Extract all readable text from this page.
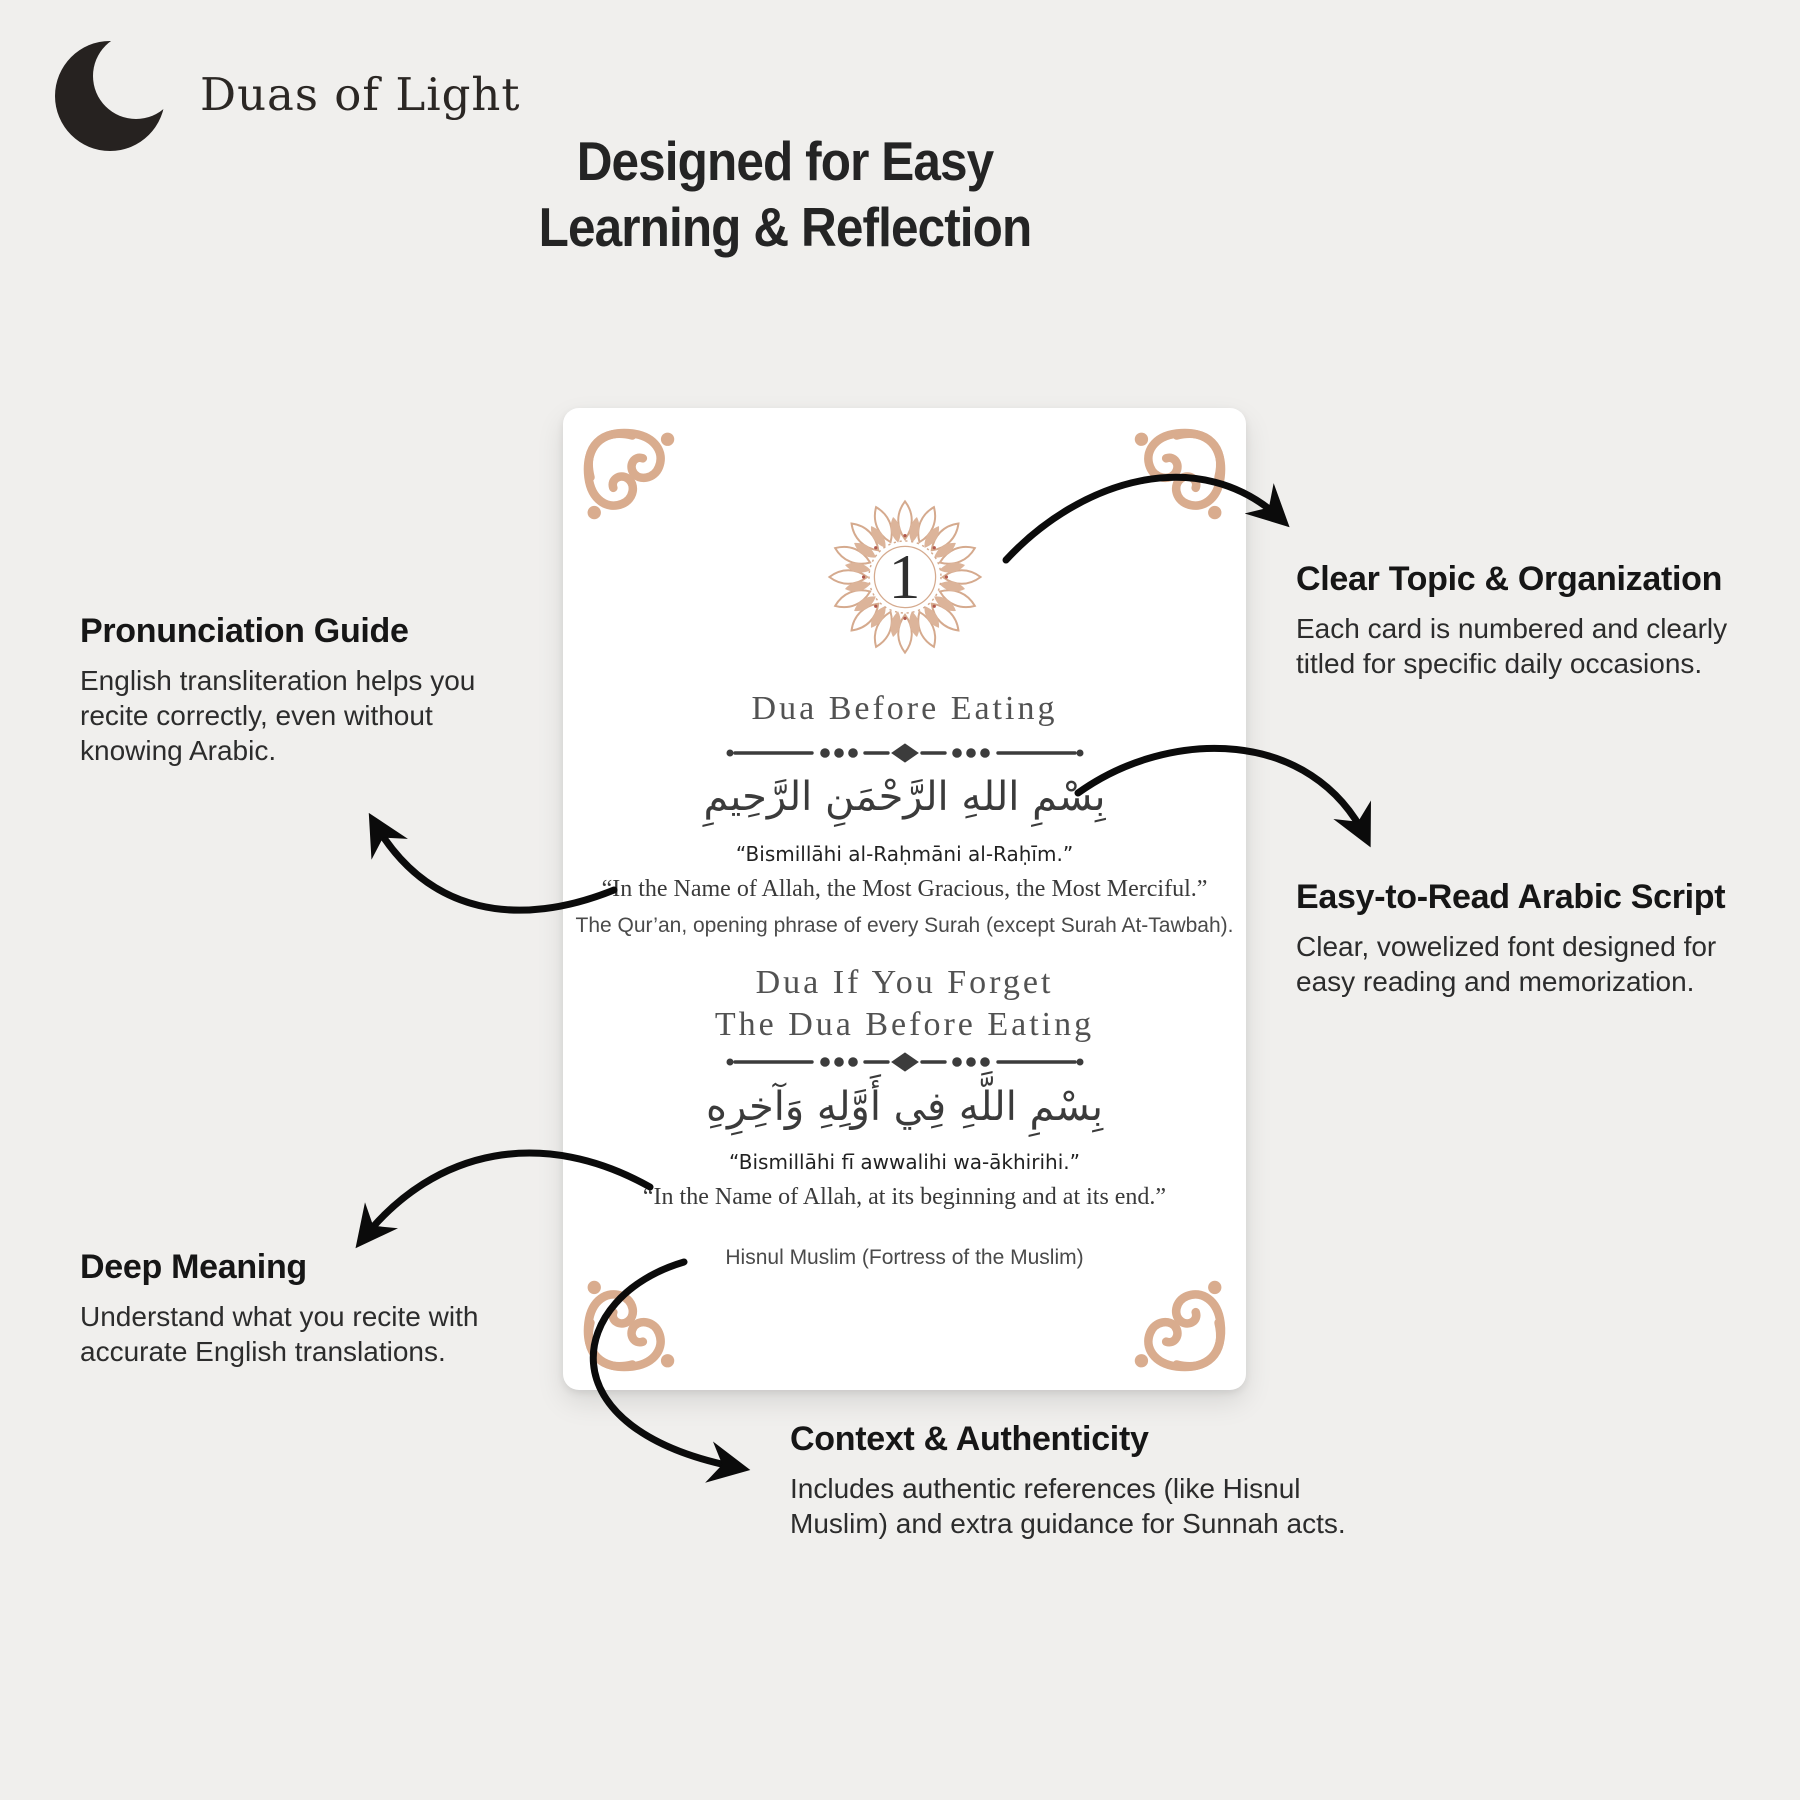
Duas of Light
Designed for Easy
Learning & Reflection
1
Dua Before Eating
بِسْمِ اللهِ الرَّحْمَنِ الرَّحِيمِ
“Bismillāhi al-Raḥmāni al-Raḥīm.”
“In the Name of Allah, the Most Gracious, the Most Merciful.”
The Qur’an, opening phrase of every Surah (except Surah At-Tawbah).
Dua If You Forget
The Dua Before Eating
بِسْمِ اللَّهِ فِي أَوَّلِهِ وَآخِرِهِ
“Bismillāhi fī awwalihi wa-ākhirihi.”
“In the Name of Allah, at its beginning and at its end.”
Hisnul Muslim (Fortress of the Muslim)
Pronunciation Guide
English transliteration helps you
recite correctly, even without
knowing Arabic.
Clear Topic & Organization
Each card is numbered and clearly
titled for specific daily occasions.
Easy-to-Read Arabic Script
Clear, vowelized font designed for
easy reading and memorization.
Deep Meaning
Understand what you recite with
accurate English translations.
Context & Authenticity
Includes authentic references (like Hisnul
Muslim) and extra guidance for Sunnah acts.
